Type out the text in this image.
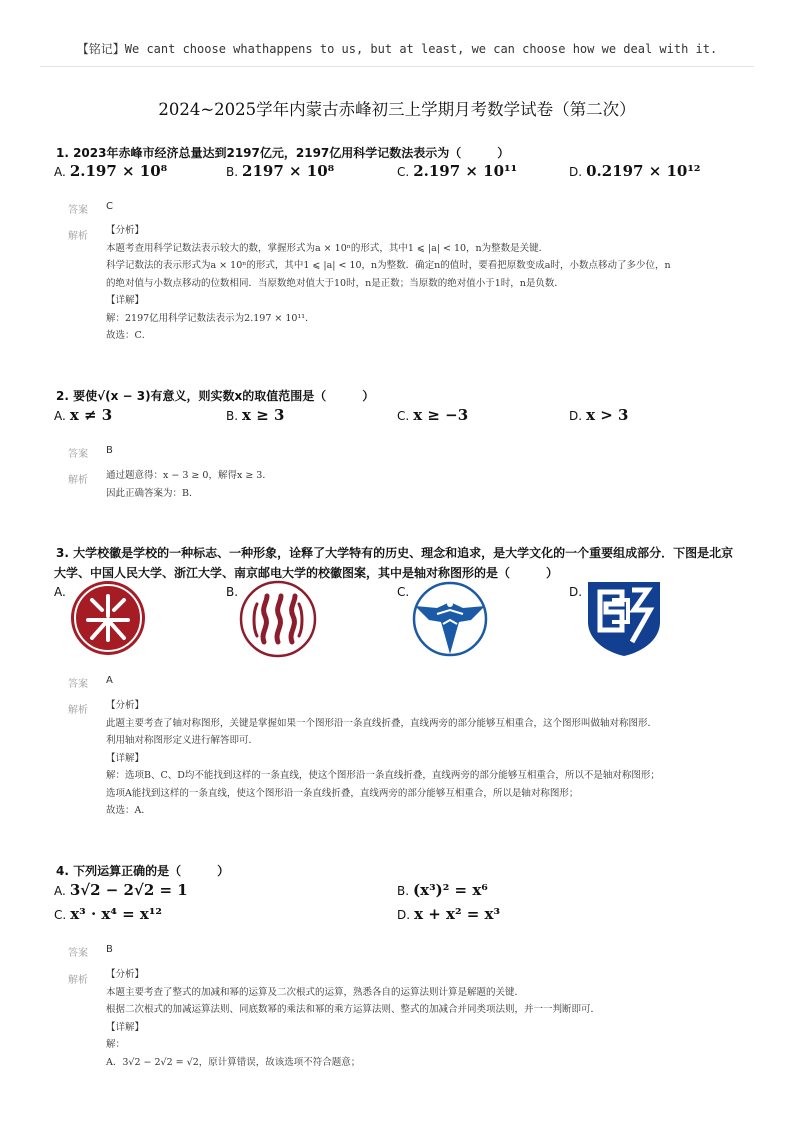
【铭记】We cant choose whathappens to us, but at least, we can choose how we deal with it.
2024~2025学年内蒙古赤峰初三上学期月考数学试卷（第二次）
1. 2023年赤峰市经济总量达到2197亿元，2197亿用科学记数法表示为（　　　）
A. 2.197 × 10⁸	B. 2197 × 10⁸	C. 2.197 × 10¹¹	D. 0.2197 × 10¹²
答案 C
解析
【分析】
本题考查用科学记数法表示较大的数，掌握形式为a × 10ⁿ的形式，其中1 ⩽ |a| < 10，n为整数是关键．
科学记数法的表示形式为a × 10ⁿ的形式，其中1 ⩽ |a| < 10，n为整数．确定n的值时，要看把原数变成a时，小数点移动了多少位，n
的绝对值与小数点移动的位数相同．当原数绝对值大于10时，n是正数；当原数的绝对值小于1时，n是负数．
【详解】
解：2197亿用科学记数法表示为2.197 × 10¹¹．
故选：C．
2. 要使√(x − 3)有意义，则实数x的取值范围是（　　　）
A. x ≠ 3	B. x ≥ 3	C. x ≥ −3	D. x > 3
答案 B
解析 通过题意得：x − 3 ≥ 0，解得x ≥ 3．
因此正确答案为：B．
3. 大学校徽是学校的一种标志、一种形象，诠释了大学特有的历史、理念和追求，是大学文化的一个重要组成部分．下图是北京
大学、中国人民大学、浙江大学、南京邮电大学的校徽图案，其中是轴对称图形的是（　　　）
A.	B.	C.	D.
答案 A
解析 【分析】
此题主要考查了轴对称图形，关键是掌握如果一个图形沿一条直线折叠，直线两旁的部分能够互相重合，这个图形叫做轴对称图形．
利用轴对称图形定义进行解答即可．
【详解】
解：选项B、C、D均不能找到这样的一条直线，使这个图形沿一条直线折叠，直线两旁的部分能够互相重合，所以不是轴对称图形；
选项A能找到这样的一条直线，使这个图形沿一条直线折叠，直线两旁的部分能够互相重合，所以是轴对称图形；
故选：A．
4. 下列运算正确的是（　　　）
A. 3√2 − 2√2 = 1	B. (x³)² = x⁶
C. x³ · x⁴ = x¹²	D. x + x² = x³
答案 B
解析
【分析】
本题主要考查了整式的加减和幂的运算及二次根式的运算，熟悉各自的运算法则计算是解题的关键．
根据二次根式的加减运算法则、同底数幂的乘法和幂的乘方运算法则、整式的加减合并同类项法则，并一一判断即可．
【详解】
解：
A．3√2 − 2√2 = √2，原计算错误，故该选项不符合题意；
